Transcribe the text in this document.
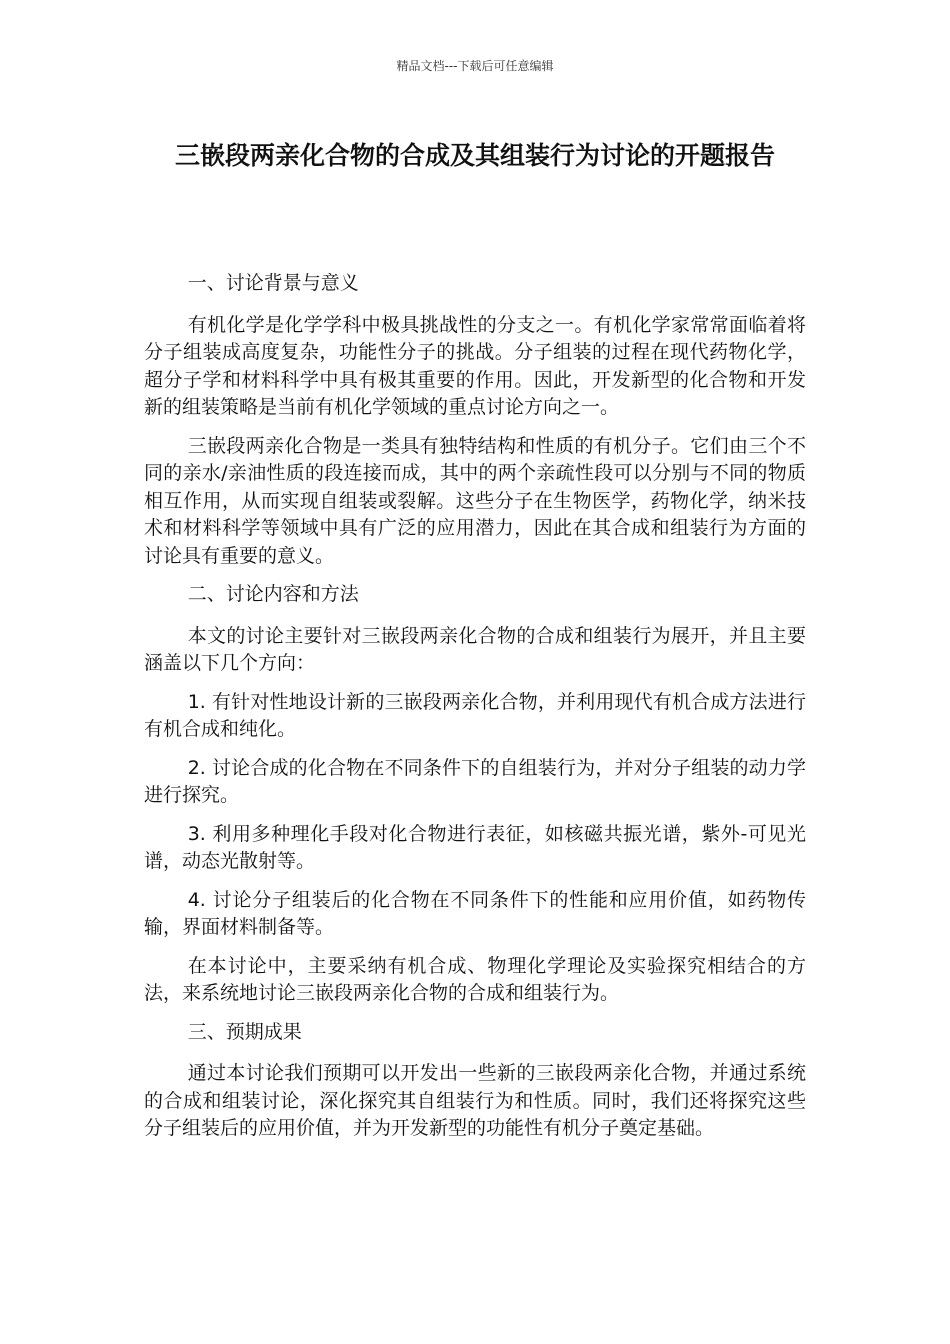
精品文档---下载后可任意编辑
三嵌段两亲化合物的合成及其组装行为讨论的开题报告

一、讨论背景与意义

有机化学是化学学科中极具挑战性的分支之一。有机化学家常常面临着将分子组装成高度复杂，功能性分子的挑战。分子组装的过程在现代药物化学，超分子学和材料科学中具有极其重要的作用。因此，开发新型的化合物和开发新的组装策略是当前有机化学领域的重点讨论方向之一。

三嵌段两亲化合物是一类具有独特结构和性质的有机分子。它们由三个不同的亲水/亲油性质的段连接而成，其中的两个亲疏性段可以分别与不同的物质相互作用，从而实现自组装或裂解。这些分子在生物医学，药物化学，纳米技术和材料科学等领域中具有广泛的应用潜力，因此在其合成和组装行为方面的讨论具有重要的意义。

二、讨论内容和方法

本文的讨论主要针对三嵌段两亲化合物的合成和组装行为展开，并且主要涵盖以下几个方向：

1. 有针对性地设计新的三嵌段两亲化合物，并利用现代有机合成方法进行有机合成和纯化。

2. 讨论合成的化合物在不同条件下的自组装行为，并对分子组装的动力学进行探究。

3. 利用多种理化手段对化合物进行表征，如核磁共振光谱，紫外-可见光谱，动态光散射等。

4. 讨论分子组装后的化合物在不同条件下的性能和应用价值，如药物传输，界面材料制备等。

在本讨论中，主要采纳有机合成、物理化学理论及实验探究相结合的方法，来系统地讨论三嵌段两亲化合物的合成和组装行为。

三、预期成果

通过本讨论我们预期可以开发出一些新的三嵌段两亲化合物，并通过系统的合成和组装讨论，深化探究其自组装行为和性质。同时，我们还将探究这些分子组装后的应用价值，并为开发新型的功能性有机分子奠定基础。
